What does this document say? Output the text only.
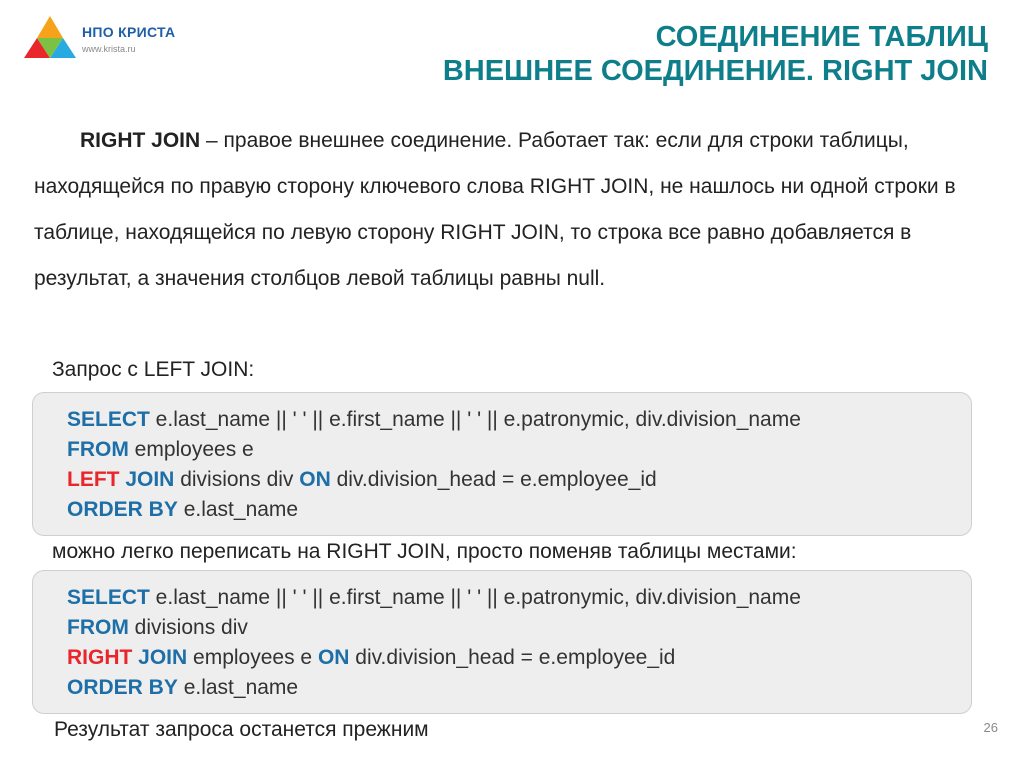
НПО КРИСТА
www.krista.ru	СОЕДИНЕНИЕ ТАБЛИЦ
ВНЕШНЕЕ СОЕДИНЕНИЕ. RIGHT JOIN
RIGHT JOIN – правое внешнее соединение. Работает так: если для строки таблицы, находящейся по правую сторону ключевого слова RIGHT JOIN, не нашлось ни одной строки в таблице, находящейся по левую сторону RIGHT JOIN, то строка все равно добавляется в результат, а значения столбцов левой таблицы равны null.
Запрос с LEFT JOIN:
SELECT e.last_name || ' ' || e.first_name || ' ' || e.patronymic, div.division_name
FROM employees e
LEFT JOIN divisions div ON div.division_head = e.employee_id
ORDER BY e.last_name
можно легко переписать на RIGHT JOIN, просто поменяв таблицы местами:
SELECT e.last_name || ' ' || e.first_name || ' ' || e.patronymic, div.division_name
FROM divisions div
RIGHT JOIN employees e ON div.division_head = e.employee_id
ORDER BY e.last_name
Результат запроса останется прежним	26
